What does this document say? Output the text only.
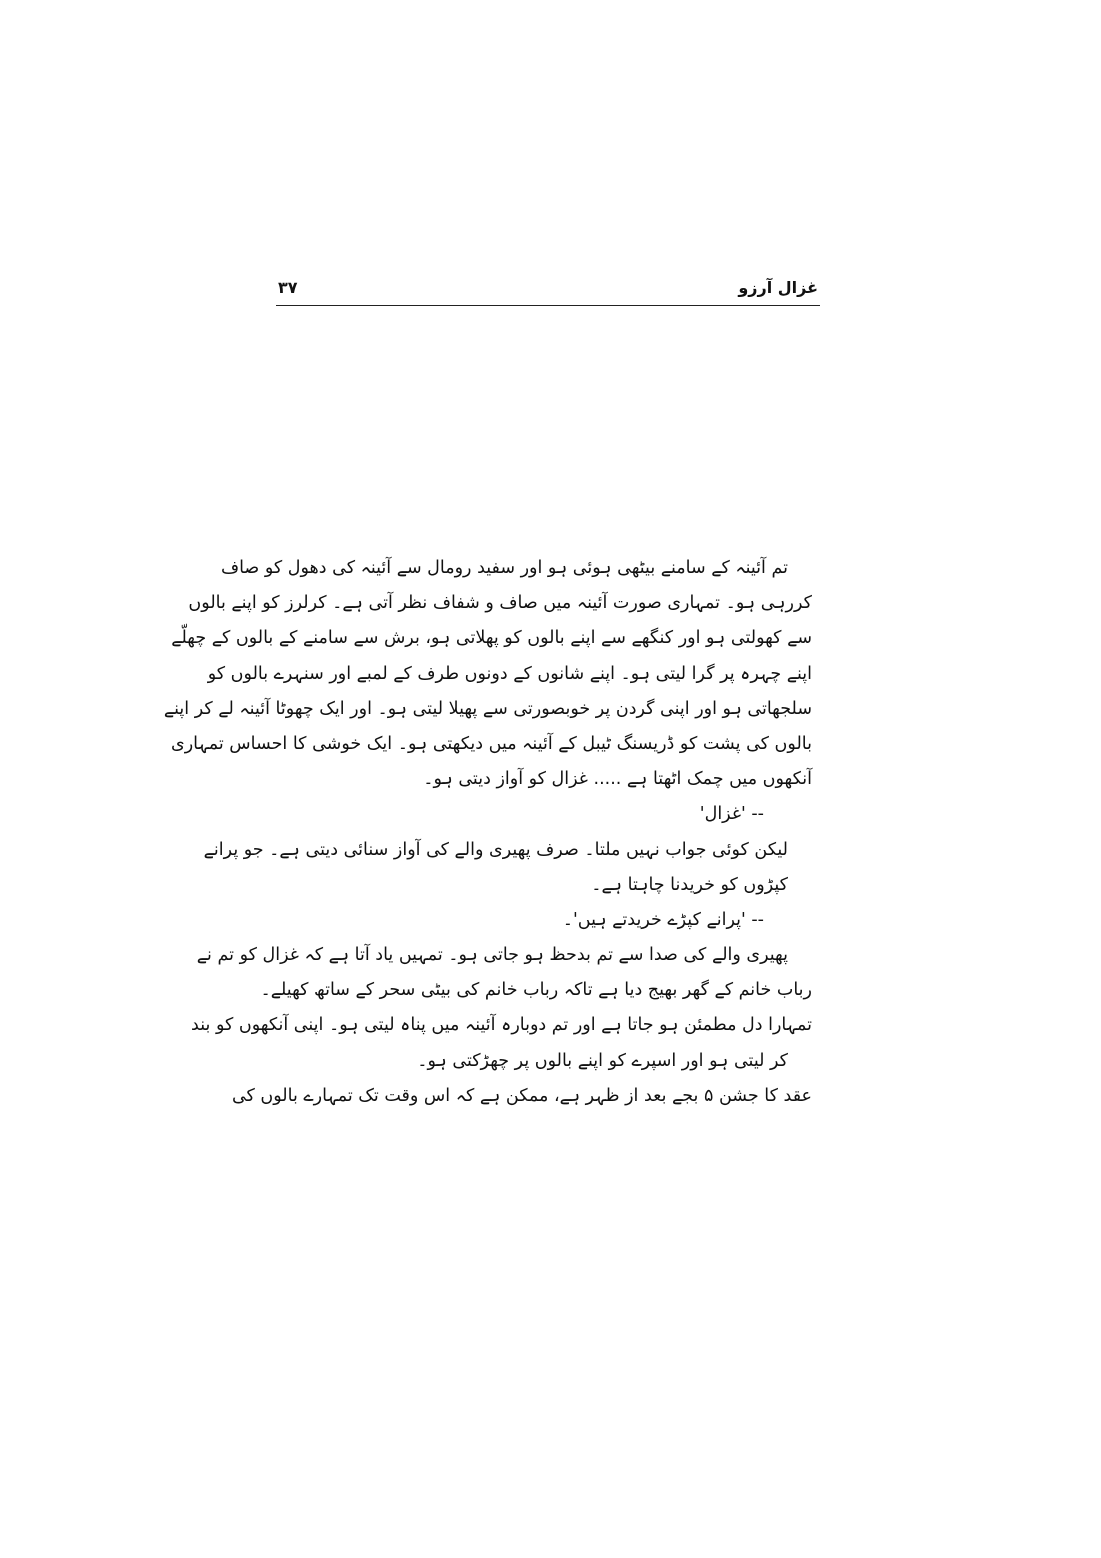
غزال آرزو
۳۷
تم آئینہ کے سامنے بیٹھی ہوئی ہو اور سفید رومال سے آئینہ کی دھول کو صاف
کررہی ہو۔ تمہاری صورت آئینہ میں صاف و شفاف نظر آتی ہے۔ کرلرز کو اپنے بالوں
سے کھولتی ہو اور کنگھے سے اپنے بالوں کو پھلاتی ہو، برش سے سامنے کے بالوں کے چھلّے
اپنے چہرہ پر گرا لیتی ہو۔ اپنے شانوں کے دونوں طرف کے لمبے اور سنہرے بالوں کو
سلجھاتی ہو اور اپنی گردن پر خوبصورتی سے پھیلا لیتی ہو۔ اور ایک چھوٹا آئینہ لے کر اپنے
بالوں کی پشت کو ڈریسنگ ٹیبل کے آئینہ میں دیکھتی ہو۔ ایک خوشی کا احساس تمہاری
آنکھوں میں چمک اٹھتا ہے ..... غزال کو آواز دیتی ہو۔
-- 'غزال'
لیکن کوئی جواب نہیں ملتا۔ صرف پھیری والے کی آواز سنائی دیتی ہے۔ جو پرانے
کپڑوں کو خریدنا چاہتا ہے۔
-- 'پرانے کپڑے خریدتے ہیں'۔
پھیری والے کی صدا سے تم بدحظ ہو جاتی ہو۔ تمہیں یاد آتا ہے کہ غزال کو تم نے
رباب خانم کے گھر بھیج دیا ہے تاکہ رباب خانم کی بیٹی سحر کے ساتھ کھیلے۔
تمہارا دل مطمئن ہو جاتا ہے اور تم دوبارہ آئینہ میں پناہ لیتی ہو۔ اپنی آنکھوں کو بند
کر لیتی ہو اور اسپرے کو اپنے بالوں پر چھڑکتی ہو۔
عقد کا جشن ۵ بجے بعد از ظہر ہے، ممکن ہے کہ اس وقت تک تمہارے بالوں کی
